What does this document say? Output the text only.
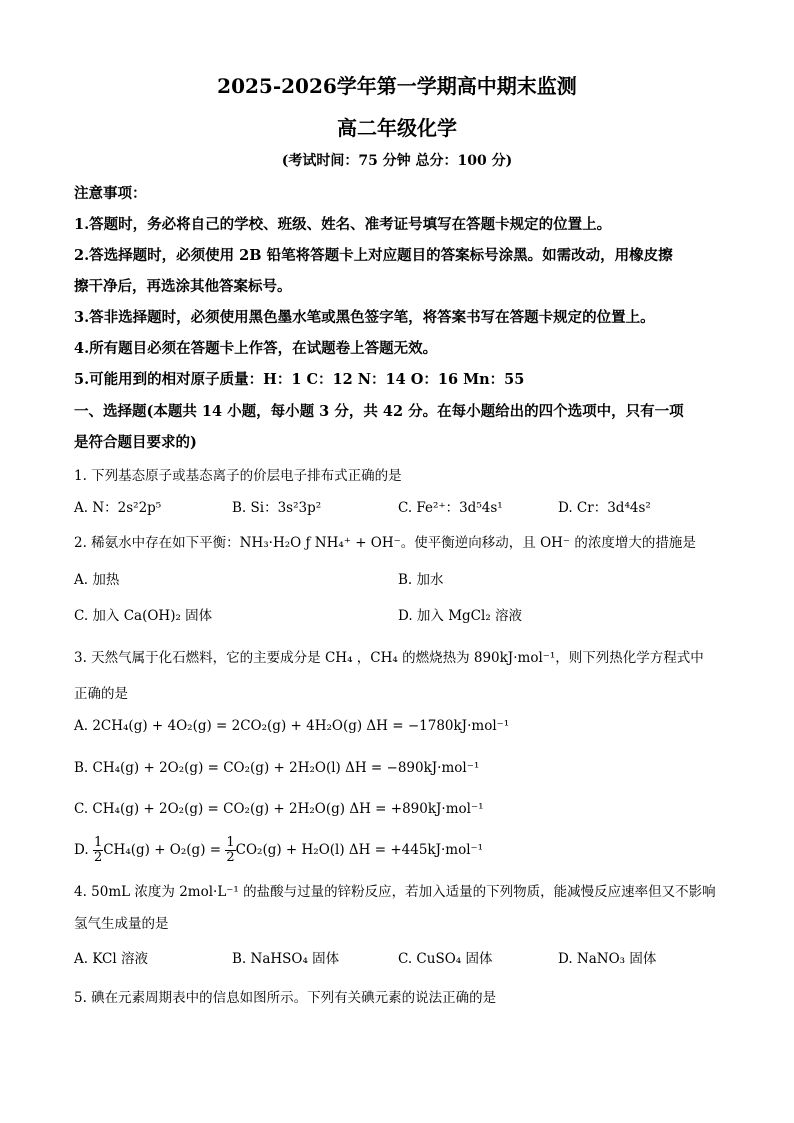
2025-2026学年第一学期高中期末监测
高二年级化学
(考试时间：75 分钟 总分：100 分)
注意事项：
1.答题时，务必将自己的学校、班级、姓名、准考证号填写在答题卡规定的位置上。
2.答选择题时，必须使用 2B 铅笔将答题卡上对应题目的答案标号涂黑。如需改动，用橡皮擦
擦干净后，再选涂其他答案标号。
3.答非选择题时，必须使用黑色墨水笔或黑色签字笔，将答案书写在答题卡规定的位置上。
4.所有题目必须在答题卡上作答，在试题卷上答题无效。
5.可能用到的相对原子质量：H：1 C：12 N：14 O：16 Mn：55
一、选择题(本题共 14 小题，每小题 3 分，共 42 分。在每小题给出的四个选项中，只有一项
是符合题目要求的)
1. 下列基态原子或基态离子的价层电子排布式正确的是
A. N：2s²2p⁵	B. Si：3s²3p²	C. Fe²⁺：3d⁵4s¹	D. Cr：3d⁴4s²
2. 稀氨水中存在如下平衡：NH₃·H₂O ƒ NH₄⁺ + OH⁻。使平衡逆向移动，且 OH⁻ 的浓度增大的措施是
A. 加热	B. 加水
C. 加入 Ca(OH)₂ 固体	D. 加入 MgCl₂ 溶液
3. 天然气属于化石燃料，它的主要成分是 CH₄ ，CH₄ 的燃烧热为 890kJ·mol⁻¹，则下列热化学方程式中
正确的是
A. 2CH₄(g) + 4O₂(g) = 2CO₂(g) + 4H₂O(g) ΔH = −1780kJ·mol⁻¹
B. CH₄(g) + 2O₂(g) = CO₂(g) + 2H₂O(l) ΔH = −890kJ·mol⁻¹
C. CH₄(g) + 2O₂(g) = CO₂(g) + 2H₂O(g) ΔH = +890kJ·mol⁻¹
D. $\frac{1}{2} CH_4(g) + O_2(g) = \frac{1}{2} CO_2(g) + H_2O(l) \Delta H = +445kJ\cdot mol^{-1}$
4. 50mL 浓度为 2mol·L⁻¹ 的盐酸与过量的锌粉反应，若加入适量的下列物质，能减慢反应速率但又不影响
氢气生成量的是
A. KCl 溶液	B. NaHSO₄ 固体	C. CuSO₄ 固体	D. NaNO₃ 固体
5. 碘在元素周期表中的信息如图所示。下列有关碘元素的说法正确的是
